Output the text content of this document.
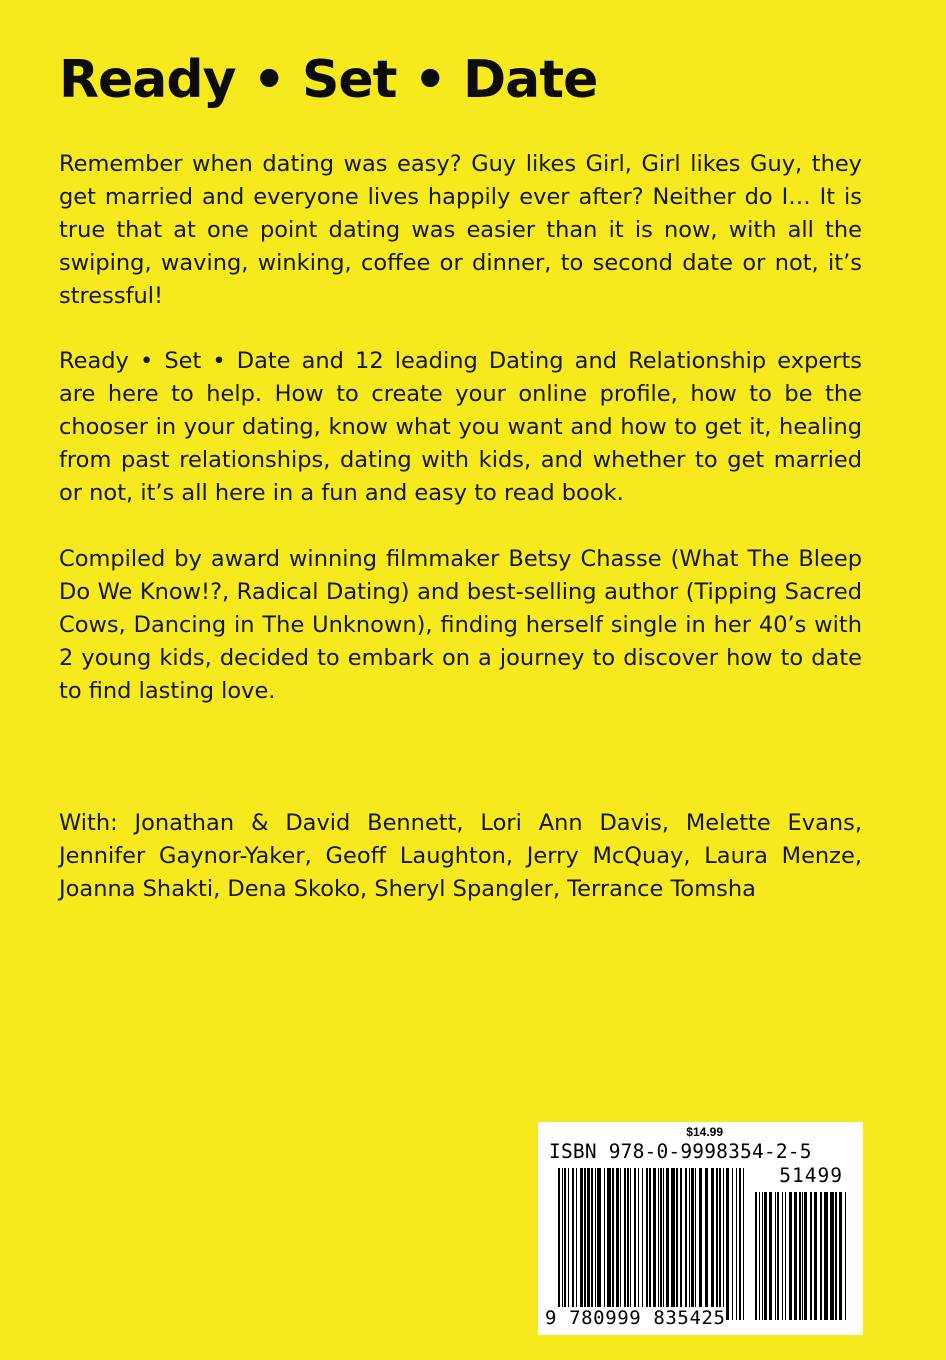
Ready • Set • Date

Remember when dating was easy? Guy likes Girl, Girl likes Guy, they get married and everyone lives happily ever after? Neither do I… It is true that at one point dating was easier than it is now, with all the swiping, waving, winking, coffee or dinner, to second date or not, it’s stressful!

Ready • Set • Date and 12 leading Dating and Relationship experts are here to help. How to create your online profile, how to be the chooser in your dating, know what you want and how to get it, healing from past relationships, dating with kids, and whether to get married or not, it’s all here in a fun and easy to read book.

Compiled by award winning filmmaker Betsy Chasse (What The Bleep Do We Know!?, Radical Dating) and best-selling author (Tipping Sacred Cows, Dancing in The Unknown), finding herself single in her 40’s with 2 young kids, decided to embark on a journey to discover how to date to find lasting love.

With: Jonathan & David Bennett, Lori Ann Davis, Melette Evans, Jennifer Gaynor-Yaker, Geoff Laughton, Jerry McQuay, Laura Menze, Joanna Shakti, Dena Skoko, Sheryl Spangler, Terrance Tomsha

$14.99
ISBN 978-0-9998354-2-5
51499
9 780999 835425
